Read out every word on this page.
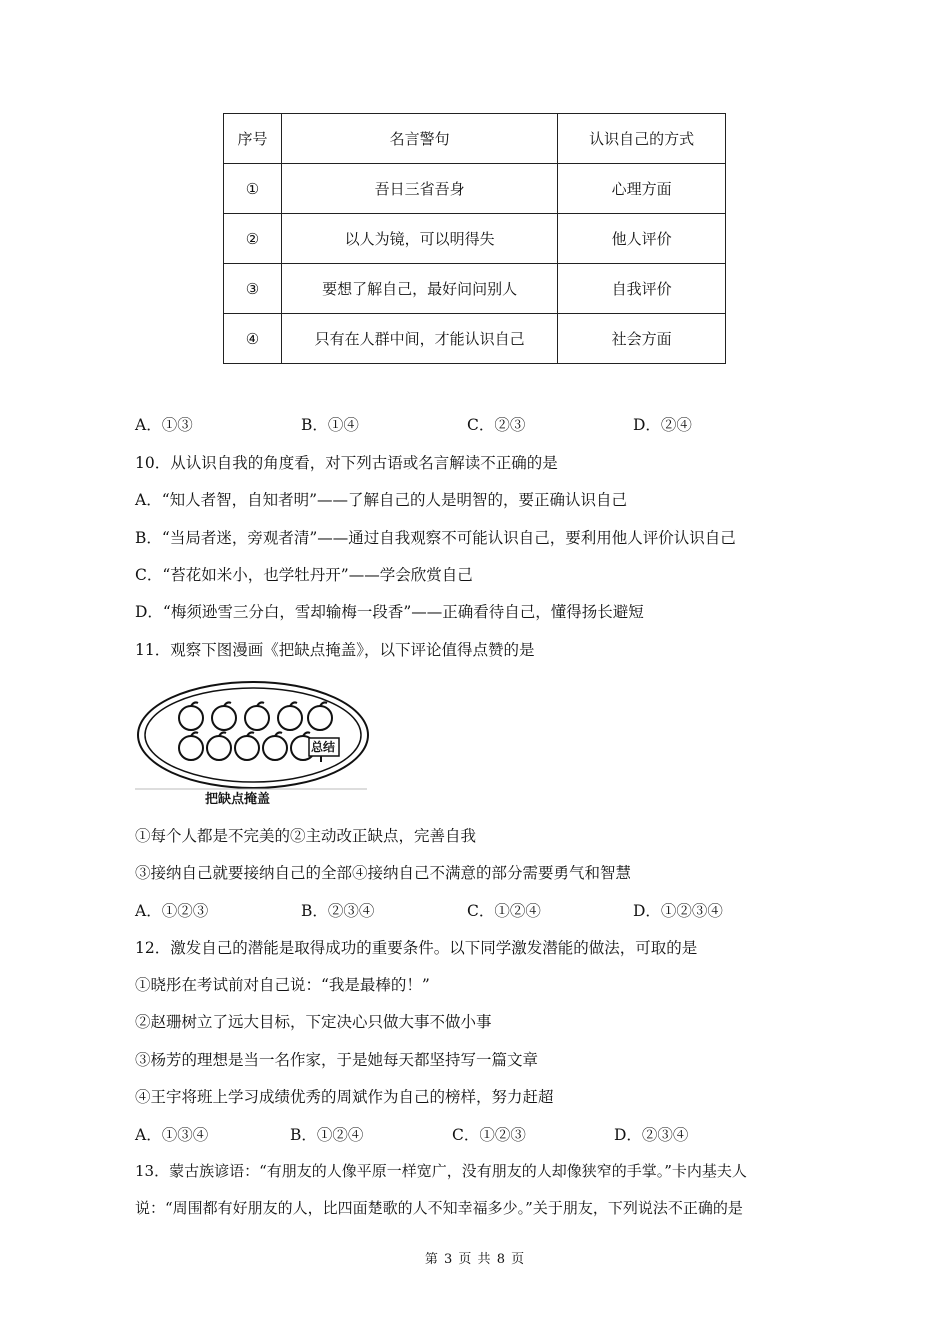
序号	名言警句	认识自己的方式
①	吾日三省吾身	心理方面
②	以人为镜，可以明得失	他人评价
③	要想了解自己，最好问问别人	自我评价
④	只有在人群中间，才能认识自己	社会方面
A．①③	B．①④	C．②③	D．②④
10．从认识自我的角度看，对下列古语或名言解读不正确的是
A．“知人者智，自知者明”——了解自己的人是明智的，要正确认识自己
B．“当局者迷，旁观者清”——通过自我观察不可能认识自己，要利用他人评价认识自己
C．“苔花如米小，也学牡丹开”——学会欣赏自己
D．“梅须逊雪三分白，雪却输梅一段香”——正确看待自己，懂得扬长避短
11．观察下图漫画《把缺点掩盖》，以下评论值得点赞的是
总结
把缺点掩盖
①每个人都是不完美的②主动改正缺点，完善自我
③接纳自己就要接纳自己的全部④接纳自己不满意的部分需要勇气和智慧
A．①②③	B．②③④	C．①②④	D．①②③④
12．激发自己的潜能是取得成功的重要条件。以下同学激发潜能的做法，可取的是
①晓彤在考试前对自己说：“我是最棒的！”
②赵珊树立了远大目标，下定决心只做大事不做小事
③杨芳的理想是当一名作家，于是她每天都坚持写一篇文章
④王宇将班上学习成绩优秀的周斌作为自己的榜样，努力赶超
A．①③④	B．①②④	C．①②③	D．②③④
13．蒙古族谚语：“有朋友的人像平原一样宽广，没有朋友的人却像狭窄的手掌。”卡内基夫人
说：“周围都有好朋友的人，比四面楚歌的人不知幸福多少。”关于朋友，下列说法不正确的是
第 3 页 共 8 页
